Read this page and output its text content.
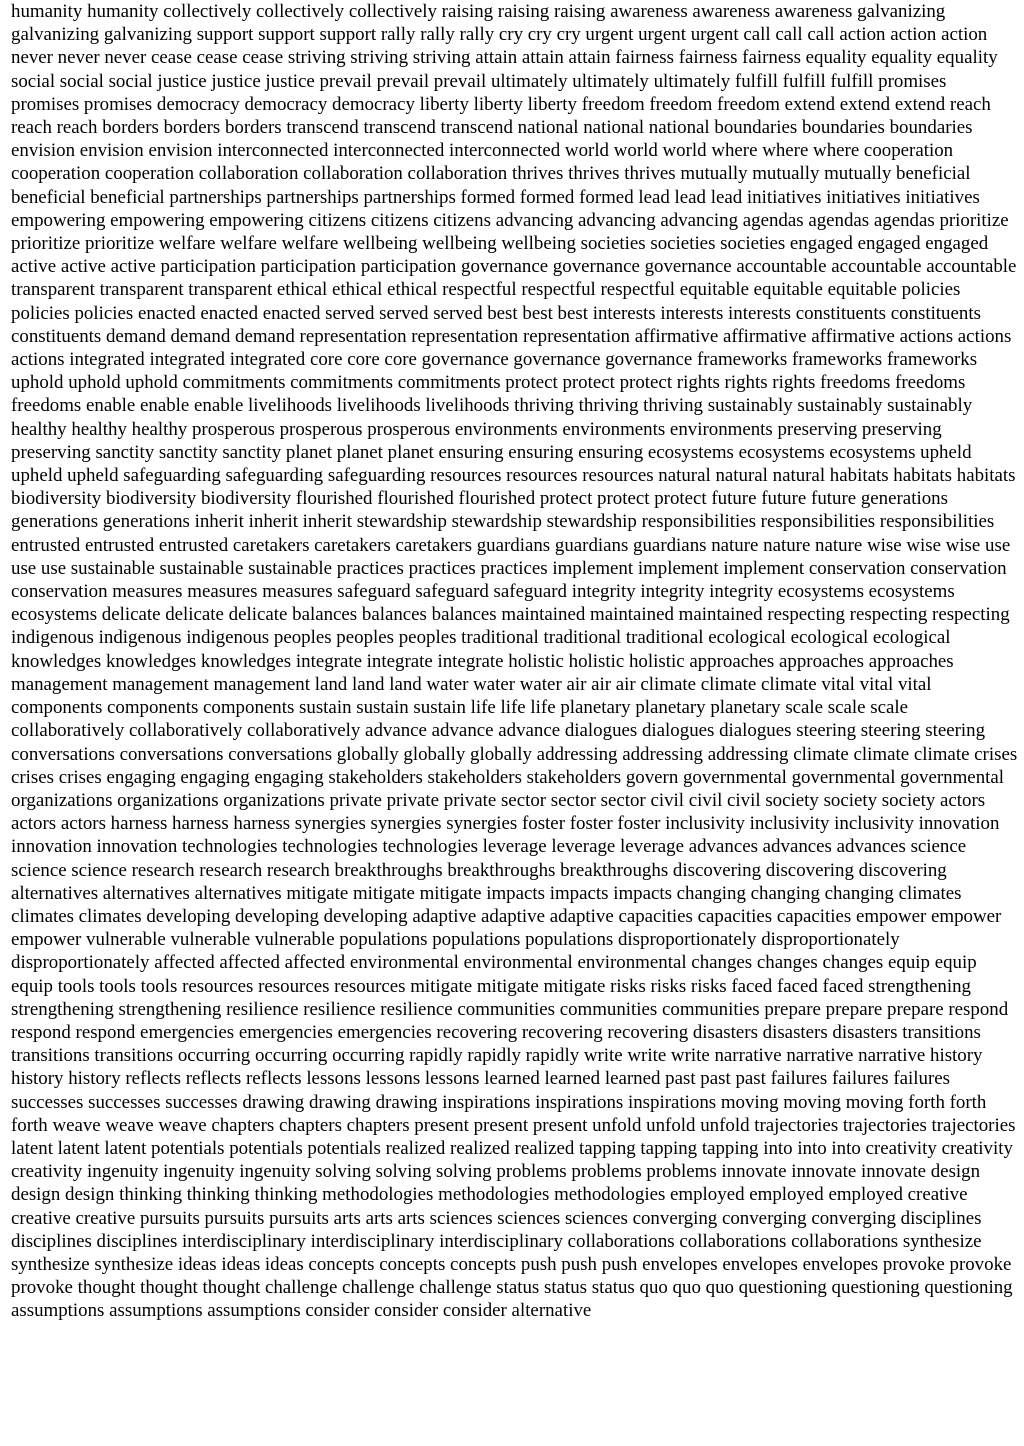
humanity humanity collectively collectively collectively raising raising raising awareness awareness awareness galvanizing galvanizing galvanizing support support support rally rally rally cry cry cry urgent urgent urgent call call call action action action never never never cease cease cease striving striving striving attain attain attain fairness fairness fairness equality equality equality social social social justice justice justice prevail prevail prevail ultimately ultimately ultimately fulfill fulfill fulfill promises promises promises democracy democracy democracy liberty liberty liberty freedom freedom freedom extend extend extend reach reach reach borders borders borders transcend transcend transcend national national national boundaries boundaries boundaries envision envision envision interconnected interconnected interconnected world world world where where where cooperation cooperation cooperation collaboration collaboration collaboration thrives thrives thrives mutually mutually mutually beneficial beneficial beneficial partnerships partnerships partnerships formed formed formed lead lead lead initiatives initiatives initiatives empowering empowering empowering citizens citizens citizens advancing advancing advancing agendas agendas agendas prioritize prioritize prioritize welfare welfare welfare wellbeing wellbeing wellbeing societies societies societies engaged engaged engaged active active active participation participation participation governance governance governance accountable accountable accountable transparent transparent transparent ethical ethical ethical respectful respectful respectful equitable equitable equitable policies policies policies enacted enacted enacted served served served best best best interests interests interests constituents constituents constituents demand demand demand representation representation representation affirmative affirmative affirmative actions actions actions integrated integrated integrated core core core governance governance governance frameworks frameworks frameworks uphold uphold uphold commitments commitments commitments protect protect protect rights rights rights freedoms freedoms freedoms enable enable enable livelihoods livelihoods livelihoods thriving thriving thriving sustainably sustainably sustainably healthy healthy healthy prosperous prosperous prosperous environments environments environments preserving preserving preserving sanctity sanctity sanctity planet planet planet ensuring ensuring ensuring ecosystems ecosystems ecosystems upheld upheld upheld safeguarding safeguarding safeguarding resources resources resources natural natural natural habitats habitats habitats biodiversity biodiversity biodiversity flourished flourished flourished protect protect protect future future future generations generations generations inherit inherit inherit stewardship stewardship stewardship responsibilities responsibilities responsibilities entrusted entrusted entrusted caretakers caretakers caretakers guardians guardians guardians nature nature nature wise wise wise use use use sustainable sustainable sustainable practices practices practices implement implement implement conservation conservation conservation measures measures measures safeguard safeguard safeguard integrity integrity integrity ecosystems ecosystems ecosystems delicate delicate delicate balances balances balances maintained maintained maintained respecting respecting respecting indigenous indigenous indigenous peoples peoples peoples traditional traditional traditional ecological ecological ecological knowledges knowledges knowledges integrate integrate integrate holistic holistic holistic approaches approaches approaches management management management land land land water water water air air air climate climate climate vital vital vital components components components sustain sustain sustain life life life planetary planetary planetary scale scale scale collaboratively collaboratively collaboratively advance advance advance dialogues dialogues dialogues steering steering steering conversations conversations conversations globally globally globally addressing addressing addressing climate climate climate crises crises crises engaging engaging engaging stakeholders stakeholders stakeholders govern governmental governmental governmental organizations organizations organizations private private private sector sector sector civil civil civil society society society actors actors actors harness harness harness synergies synergies synergies foster foster foster inclusivity inclusivity inclusivity innovation innovation innovation technologies technologies technologies leverage leverage leverage advances advances advances science science science research research research breakthroughs breakthroughs breakthroughs discovering discovering discovering alternatives alternatives alternatives mitigate mitigate mitigate impacts impacts impacts changing changing changing climates climates climates developing developing developing adaptive adaptive adaptive capacities capacities capacities empower empower empower vulnerable vulnerable vulnerable populations populations populations disproportionately disproportionately disproportionately affected affected affected environmental environmental environmental changes changes changes equip equip equip tools tools tools resources resources resources mitigate mitigate mitigate risks risks risks faced faced faced strengthening strengthening strengthening resilience resilience resilience communities communities communities prepare prepare prepare respond respond respond emergencies emergencies emergencies recovering recovering recovering disasters disasters disasters transitions transitions transitions occurring occurring occurring rapidly rapidly rapidly write write write narrative narrative narrative history history history reflects reflects reflects lessons lessons lessons learned learned learned past past past failures failures failures successes successes successes drawing drawing drawing inspirations inspirations inspirations moving moving moving forth forth forth weave weave weave chapters chapters chapters present present present unfold unfold unfold trajectories trajectories trajectories latent latent latent potentials potentials potentials realized realized realized tapping tapping tapping into into into creativity creativity creativity ingenuity ingenuity ingenuity solving solving solving problems problems problems innovate innovate innovate design design design thinking thinking thinking methodologies methodologies methodologies employed employed employed creative creative creative pursuits pursuits pursuits arts arts arts sciences sciences sciences converging converging converging disciplines disciplines disciplines interdisciplinary interdisciplinary interdisciplinary collaborations collaborations collaborations synthesize synthesize synthesize ideas ideas ideas concepts concepts concepts push push push envelopes envelopes envelopes provoke provoke provoke thought thought thought challenge challenge challenge status status status quo quo quo questioning questioning questioning assumptions assumptions assumptions consider consider consider alternative
